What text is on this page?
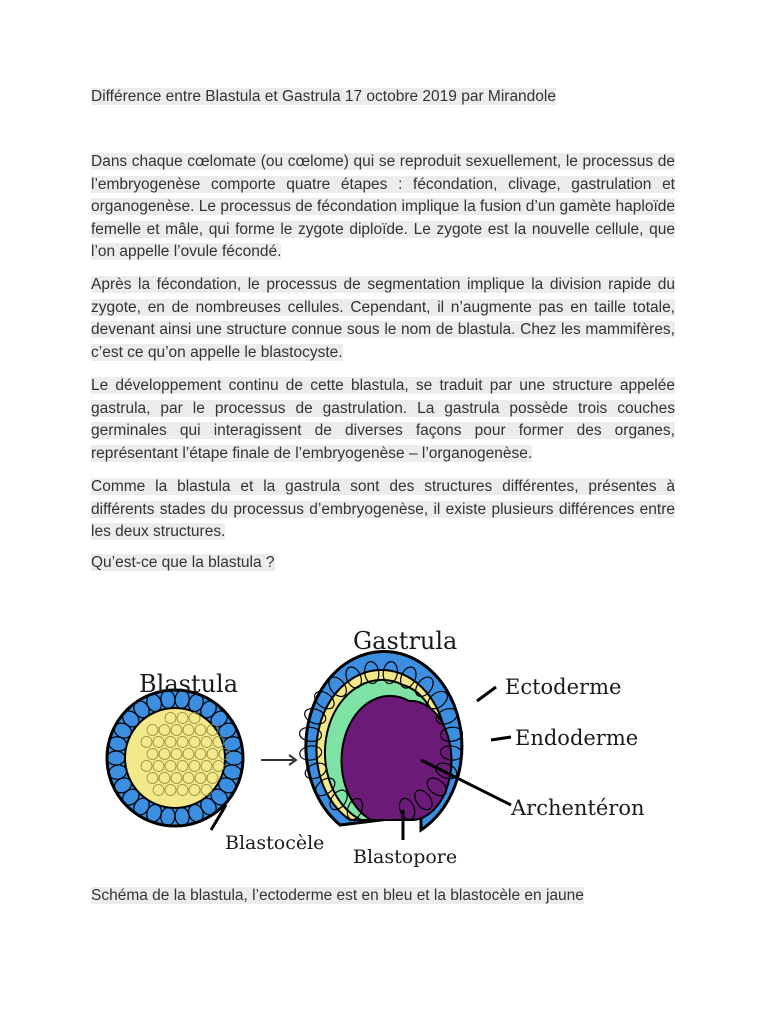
Différence entre Blastula et Gastrula 17 octobre 2019 par Mirandole

Dans chaque cœlomate (ou cœlome) qui se reproduit sexuellement, le processus de l’embryogenèse comporte quatre étapes : fécondation, clivage, gastrulation et organogenèse. Le processus de fécondation implique la fusion d’un gamète haploïde femelle et mâle, qui forme le zygote diploïde. Le zygote est la nouvelle cellule, que l’on appelle l’ovule fécondé.

Après la fécondation, le processus de segmentation implique la division rapide du zygote, en de nombreuses cellules. Cependant, il n’augmente pas en taille totale, devenant ainsi une structure connue sous le nom de blastula. Chez les mammifères, c’est ce qu’on appelle le blastocyste.

Le développement continu de cette blastula, se traduit par une structure appelée gastrula, par le processus de gastrulation. La gastrula possède trois couches germinales qui interagissent de diverses façons pour former des organes, représentant l’étape finale de l’embryogenèse – l’organogenèse.

Comme la blastula et la gastrula sont des structures différentes, présentes à différents stades du processus d’embryogenèse, il existe plusieurs différences entre les deux structures.

Qu’est-ce que la blastula ?
Schéma de la blastula, l’ectoderme est en bleu et la blastocèle en jaune
Blastula
Gastrula
Ectoderme
Endoderme
Archentéron
Blastocèle
Blastopore
